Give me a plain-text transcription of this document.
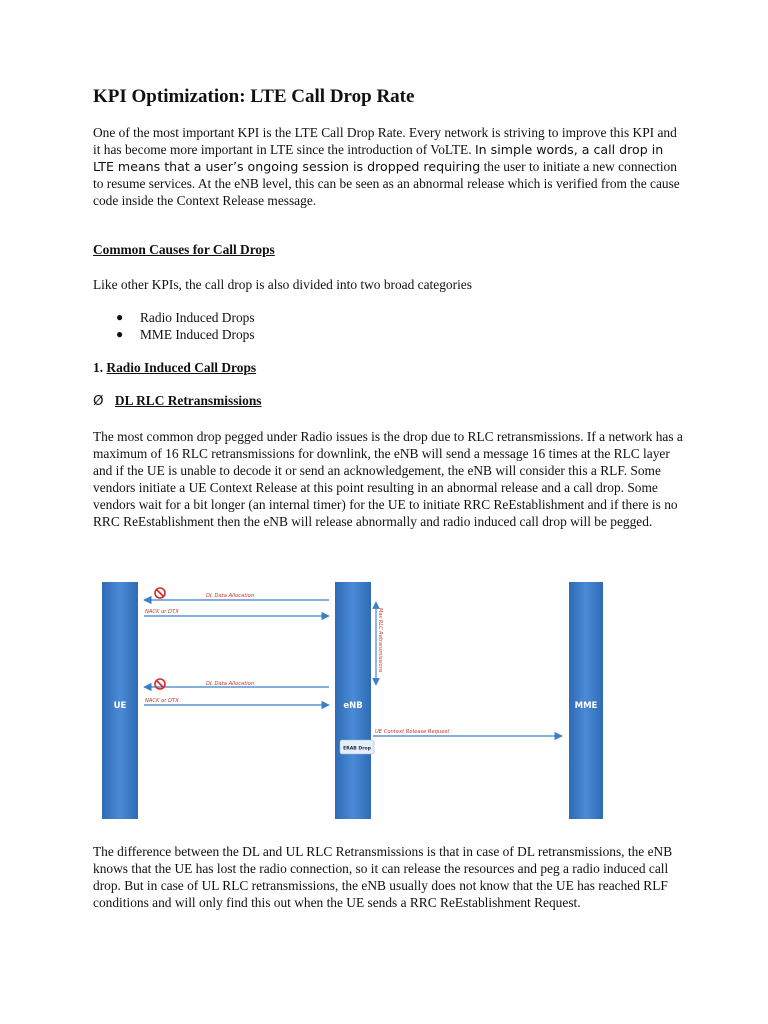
KPI Optimization: LTE Call Drop Rate

One of the most important KPI is the LTE Call Drop Rate. Every network is striving to improve this KPI and it has become more important in LTE since the introduction of VoLTE. In simple words, a call drop in LTE means that a user’s ongoing session is dropped requiring the user to initiate a new connection to resume services. At the eNB level, this can be seen as an abnormal release which is verified from the cause code inside the Context Release message.

Common Causes for Call Drops

Like other KPIs, the call drop is also divided into two broad categories

● Radio Induced Drops
● MME Induced Drops
1. Radio Induced Call Drops
Ø DL RLC Retransmissions

The most common drop pegged under Radio issues is the drop due to RLC retransmissions. If a network has a maximum of 16 RLC retransmissions for downlink, the eNB will send a message 16 times at the RLC layer and if the UE is unable to decode it or send an acknowledgement, the eNB will consider this a RLF. Some vendors initiate a UE Context Release at this point resulting in an abnormal release and a call drop. Some vendors wait for a bit longer (an internal timer) for the UE to initiate RRC ReEstablishment and if there is no RRC ReEstablishment then the eNB will release abnormally and radio induced call drop will be pegged.

UE	eNB	MME
DL Data Allocation
NACK or DTX
DL Data Allocation
NACK or DTX
Max RLC Retransmissions
UE Context Release Request
ERAB Drop

The difference between the DL and UL RLC Retransmissions is that in case of DL retransmissions, the eNB knows that the UE has lost the radio connection, so it can release the resources and peg a radio induced call drop. But in case of UL RLC retransmissions, the eNB usually does not know that the UE has reached RLF conditions and will only find this out when the UE sends a RRC ReEstablishment Request.
